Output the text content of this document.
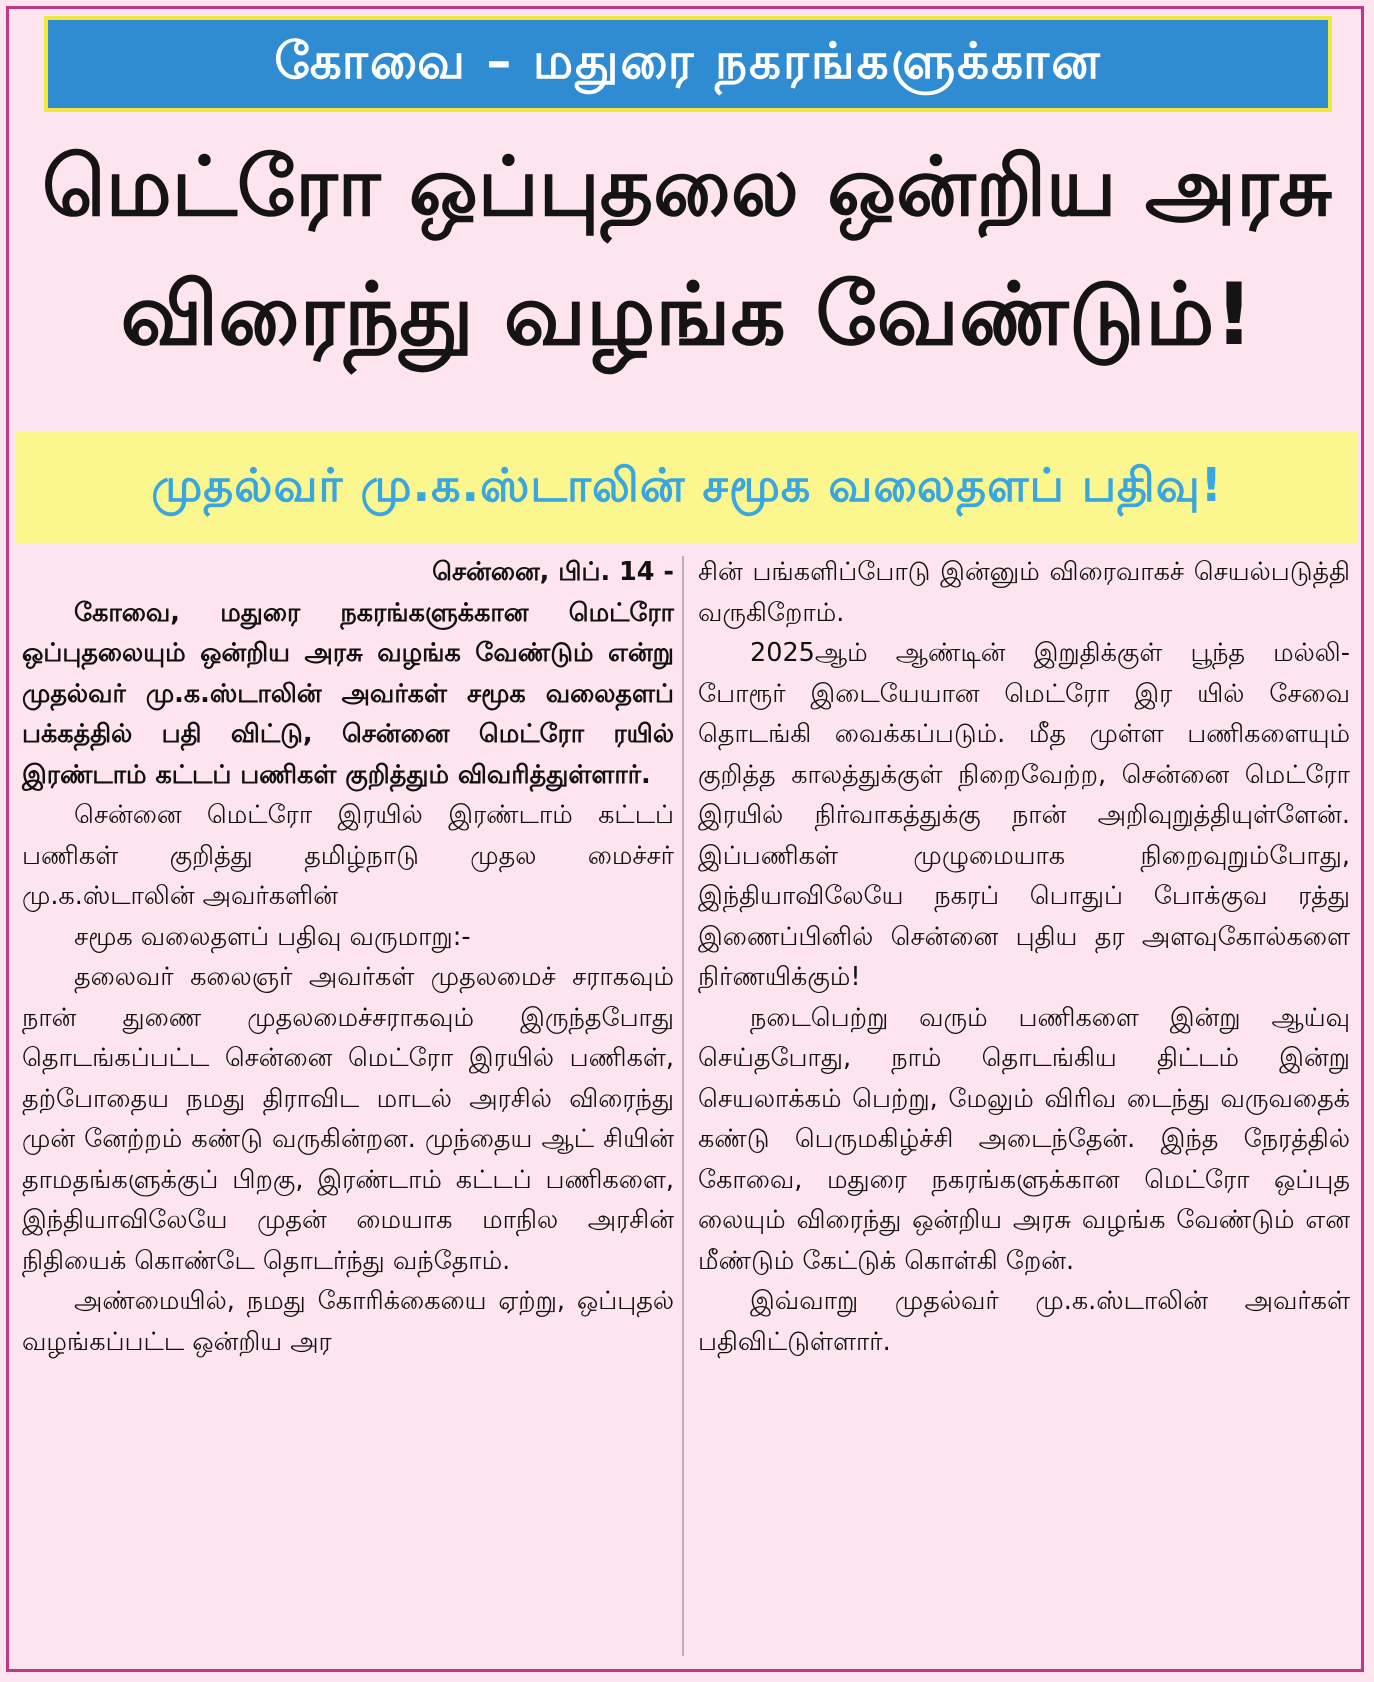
கோவை – மதுரை நகரங்களுக்கான
மெட்ரோ ஒப்புதலை ஒன்றிய அரசு
விரைந்து வழங்க வேண்டும்!
முதல்வர் மு.க.ஸ்டாலின் சமூக வலைதளப் பதிவு!

சென்னை, பிப். 14 -

கோவை, மதுரை நகரங்களுக்கான மெட்ரோ ஒப்புதலையும் ஒன்றிய அரசு வழங்க வேண்டும் என்று முதல்வர் மு.க.ஸ்டாலின் அவர்கள் சமூக வலைதளப் பக்கத்தில் பதி விட்டு, சென்னை மெட்ரோ ரயில் இரண்டாம் கட்டப் பணிகள் குறித்தும் விவரித்துள்ளார்.

சென்னை மெட்ரோ இரயில் இரண்டாம் கட்டப் பணிகள் குறித்து தமிழ்நாடு முதல மைச்சர் மு.க.ஸ்டாலின் அவர்களின்

சமூக வலைதளப் பதிவு வருமாறு:-

தலைவர் கலைஞர் அவர்கள் முதலமைச் சராகவும் நான் துணை முதலமைச்சராகவும் இருந்தபோது தொடங்கப்பட்ட சென்னை மெட்ரோ இரயில் பணிகள், தற்போதைய நமது திராவிட மாடல் அரசில் விரைந்து முன் னேற்றம் கண்டு வருகின்றன. முந்தைய ஆட் சியின் தாமதங்களுக்குப் பிறகு, இரண்டாம் கட்டப் பணிகளை, இந்தியாவிலேயே முதன் மையாக மாநில அரசின் நிதியைக் கொண்டே தொடர்ந்து வந்தோம்.

அண்மையில், நமது கோரிக்கையை ஏற்று, ஒப்புதல் வழங்கப்பட்ட ஒன்றிய அர

சின் பங்களிப்போடு இன்னும் விரைவாகச் செயல்படுத்தி வருகிறோம்.

2025ஆம் ஆண்டின் இறுதிக்குள் பூந்த மல்லி-போரூர் இடையேயான மெட்ரோ இர யில் சேவை தொடங்கி வைக்கப்படும். மீத முள்ள பணிகளையும் குறித்த காலத்துக்குள் நிறைவேற்ற, சென்னை மெட்ரோ இரயில் நிர்வாகத்துக்கு நான் அறிவுறுத்தியுள்ளேன். இப்பணிகள் முழுமையாக நிறைவுறும்போது, இந்தியாவிலேயே நகரப் பொதுப் போக்குவ ரத்து இணைப்பினில் சென்னை புதிய தர அளவுகோல்களை நிர்ணயிக்கும்!

நடைபெற்று வரும் பணிகளை இன்று ஆய்வு செய்தபோது, நாம் தொடங்கிய திட்டம் இன்று செயலாக்கம் பெற்று, மேலும் விரிவ டைந்து வருவதைக் கண்டு பெருமகிழ்ச்சி அடைந்தேன். இந்த நேரத்தில் கோவை, மதுரை நகரங்களுக்கான மெட்ரோ ஒப்புத லையும் விரைந்து ஒன்றிய அரசு வழங்க வேண்டும் என மீண்டும் கேட்டுக் கொள்கி றேன்.

இவ்வாறு முதல்வர் மு.க.ஸ்டாலின் அவர்கள் பதிவிட்டுள்ளார்.
